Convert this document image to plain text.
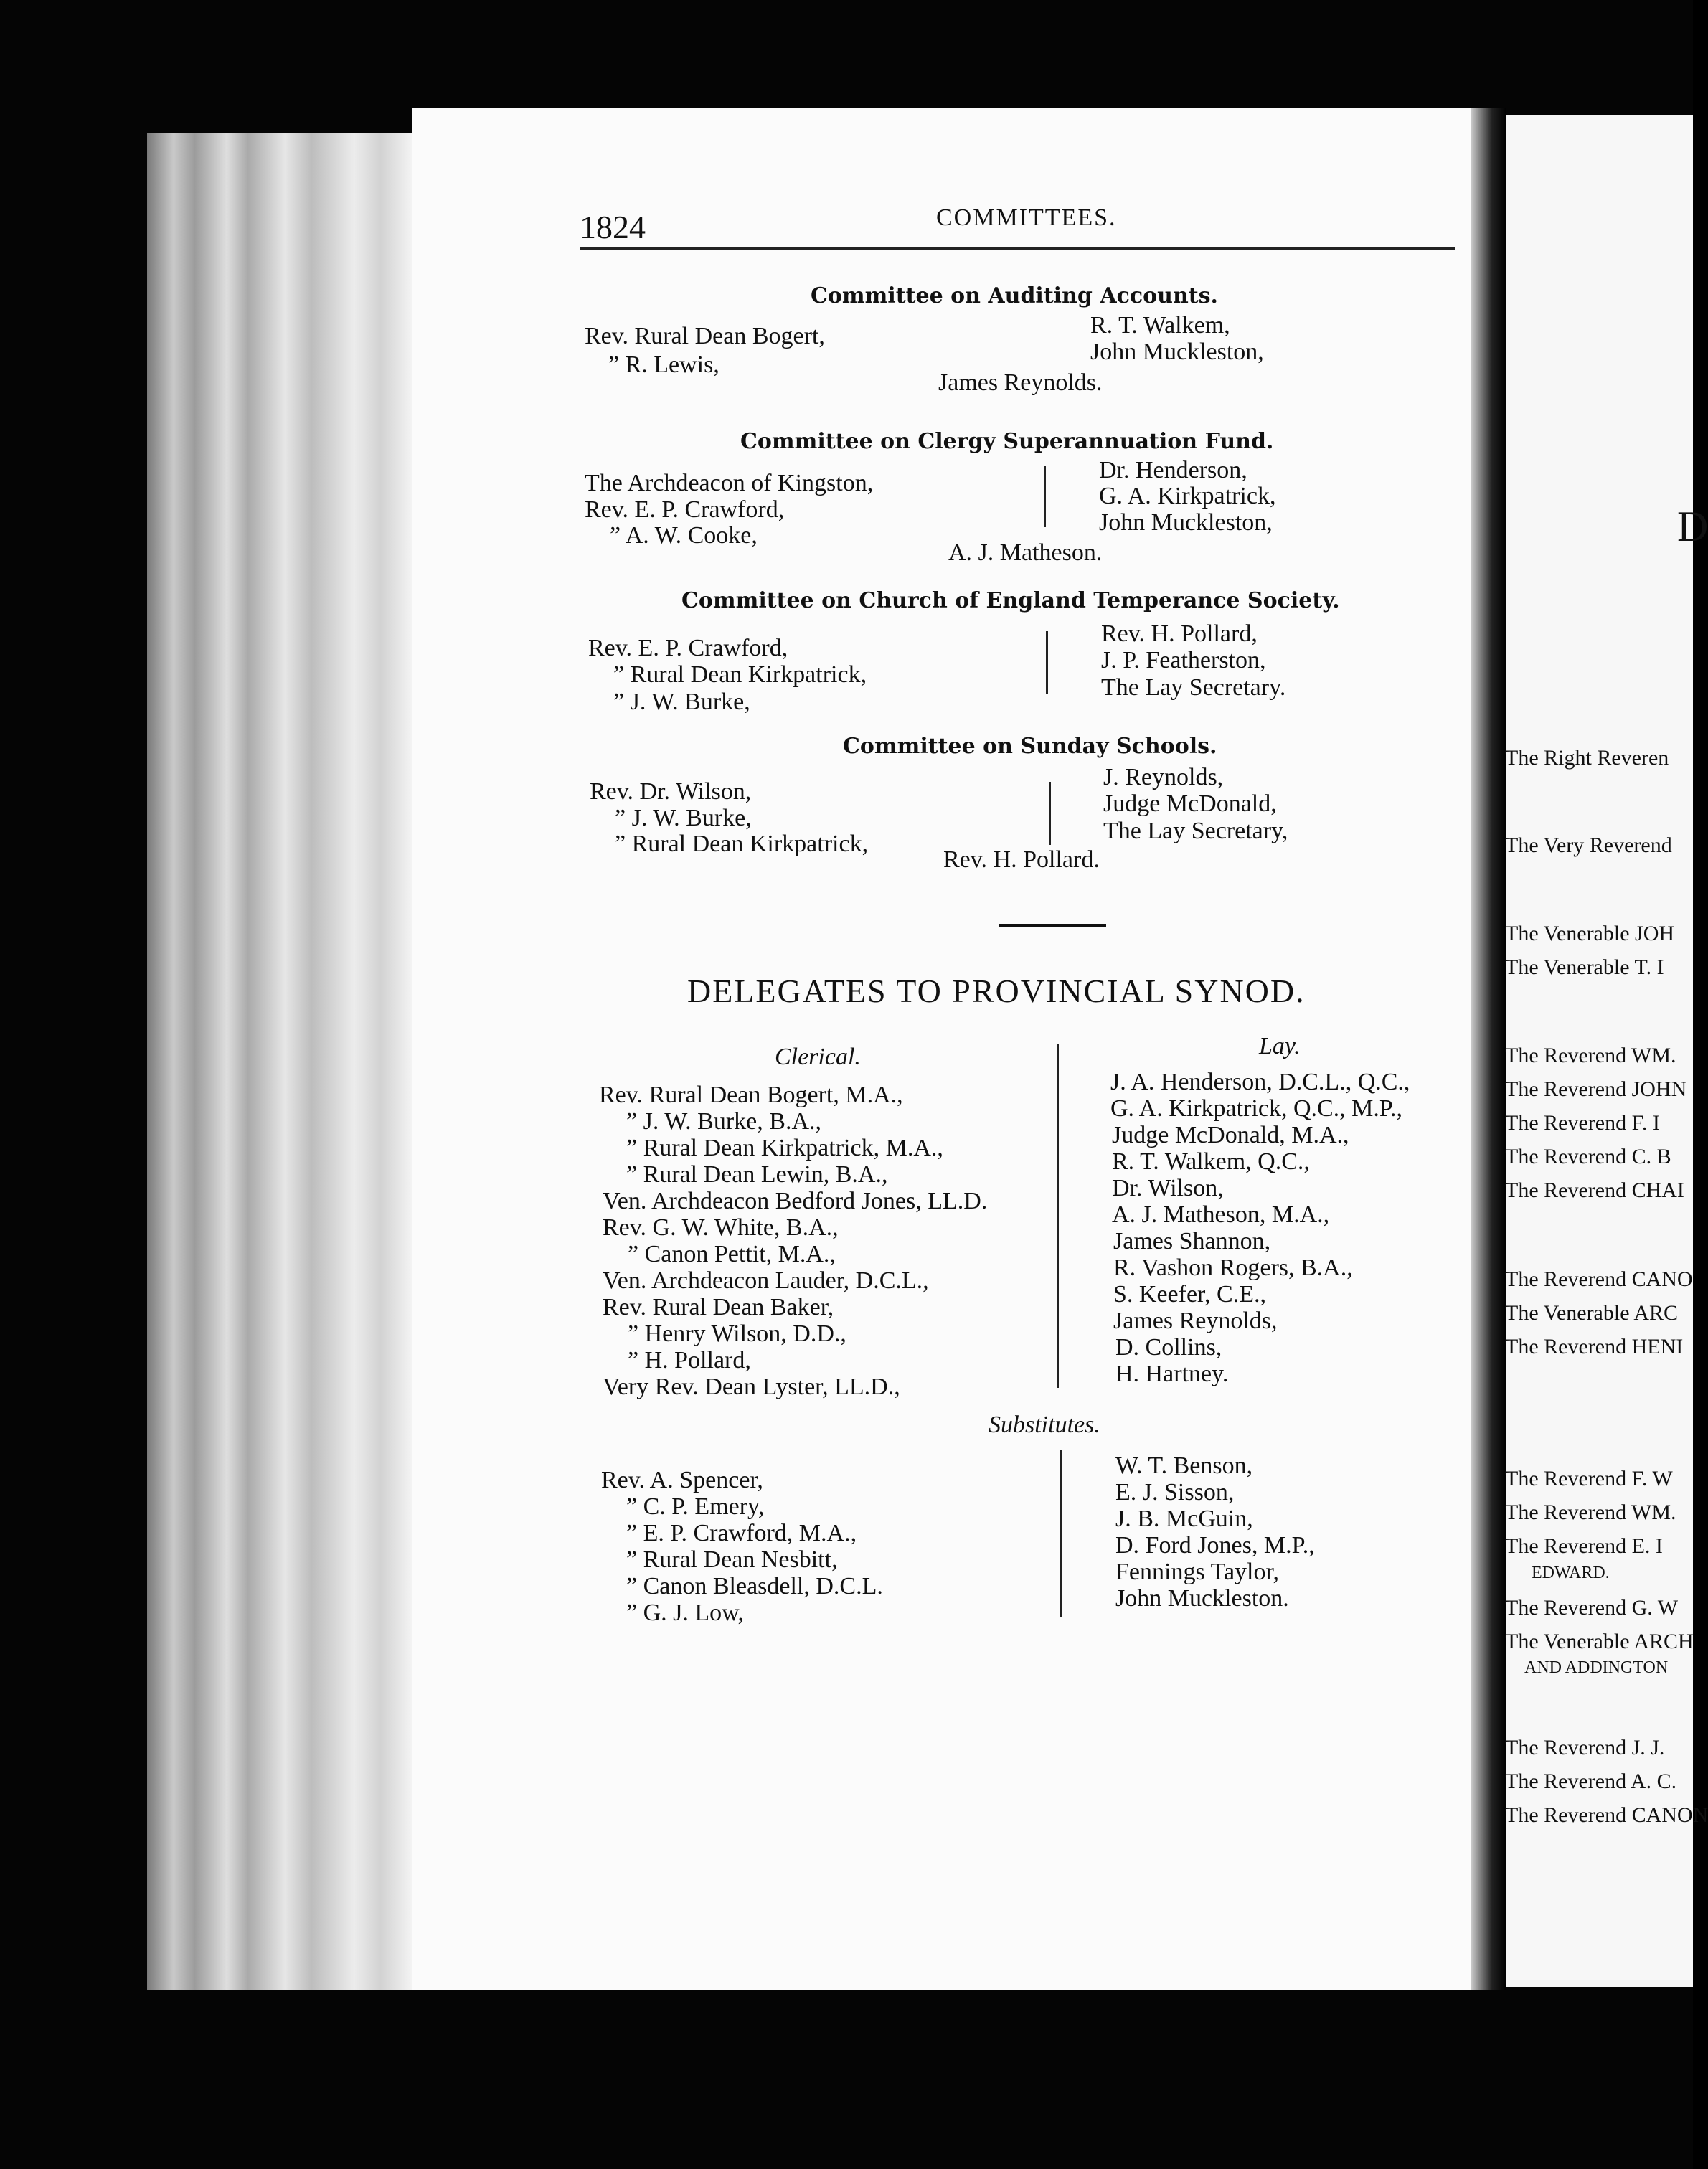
1824	COMMITTEES.
Committee on Auditing Accounts.
Rev. Rural Dean Bogert,
” R. Lewis,
R. T. Walkem,
John Muckleston,
James Reynolds.
Committee on Clergy Superannuation Fund.
The Archdeacon of Kingston,
Rev. E. P. Crawford,
” A. W. Cooke,
Dr. Henderson,
G. A. Kirkpatrick,
John Muckleston,
A. J. Matheson.
Committee on Church of England Temperance Society.
Rev. E. P. Crawford,
” Rural Dean Kirkpatrick,
” J. W. Burke,
Rev. H. Pollard,
J. P. Featherston,
The Lay Secretary.
Committee on Sunday Schools.
Rev. Dr. Wilson,
” J. W. Burke,
” Rural Dean Kirkpatrick,
J. Reynolds,
Judge McDonald,
The Lay Secretary,
Rev. H. Pollard.
DELEGATES TO PROVINCIAL SYNOD.
Clerical.	Lay.
Rev. Rural Dean Bogert, M.A.,
” J. W. Burke, B.A.,
” Rural Dean Kirkpatrick, M.A.,
” Rural Dean Lewin, B.A.,
Ven. Archdeacon Bedford Jones, LL.D.
Rev. G. W. White, B.A.,
” Canon Pettit, M.A.,
Ven. Archdeacon Lauder, D.C.L.,
Rev. Rural Dean Baker,
” Henry Wilson, D.D.,
” H. Pollard,
Very Rev. Dean Lyster, LL.D.,
J. A. Henderson, D.C.L., Q.C.,
G. A. Kirkpatrick, Q.C., M.P.,
Judge McDonald, M.A.,
R. T. Walkem, Q.C.,
Dr. Wilson,
A. J. Matheson, M.A.,
James Shannon,
R. Vashon Rogers, B.A.,
S. Keefer, C.E.,
James Reynolds,
D. Collins,
H. Hartney.
Substitutes.
Rev. A. Spencer,
” C. P. Emery,
” E. P. Crawford, M.A.,
” Rural Dean Nesbitt,
” Canon Bleasdell, D.C.L.
” G. J. Low,
W. T. Benson,
E. J. Sisson,
J. B. McGuin,
D. Ford Jones, M.P.,
Fennings Taylor,
John Muckleston.
D
The Right Reveren
The Very Reverend
The Venerable JOH
The Venerable T. I
The Reverend WM.
The Reverend JOHN
The Reverend F. I
The Reverend C. B
The Reverend CHAI
The Reverend CANO
The Venerable ARC
The Reverend HENI
The Reverend F. W
The Reverend WM.
The Reverend E. I
EDWARD.
The Reverend G. W
The Venerable ARCH
AND ADDINGTON
The Reverend J. J.
The Reverend A. C.
The Reverend CANON
